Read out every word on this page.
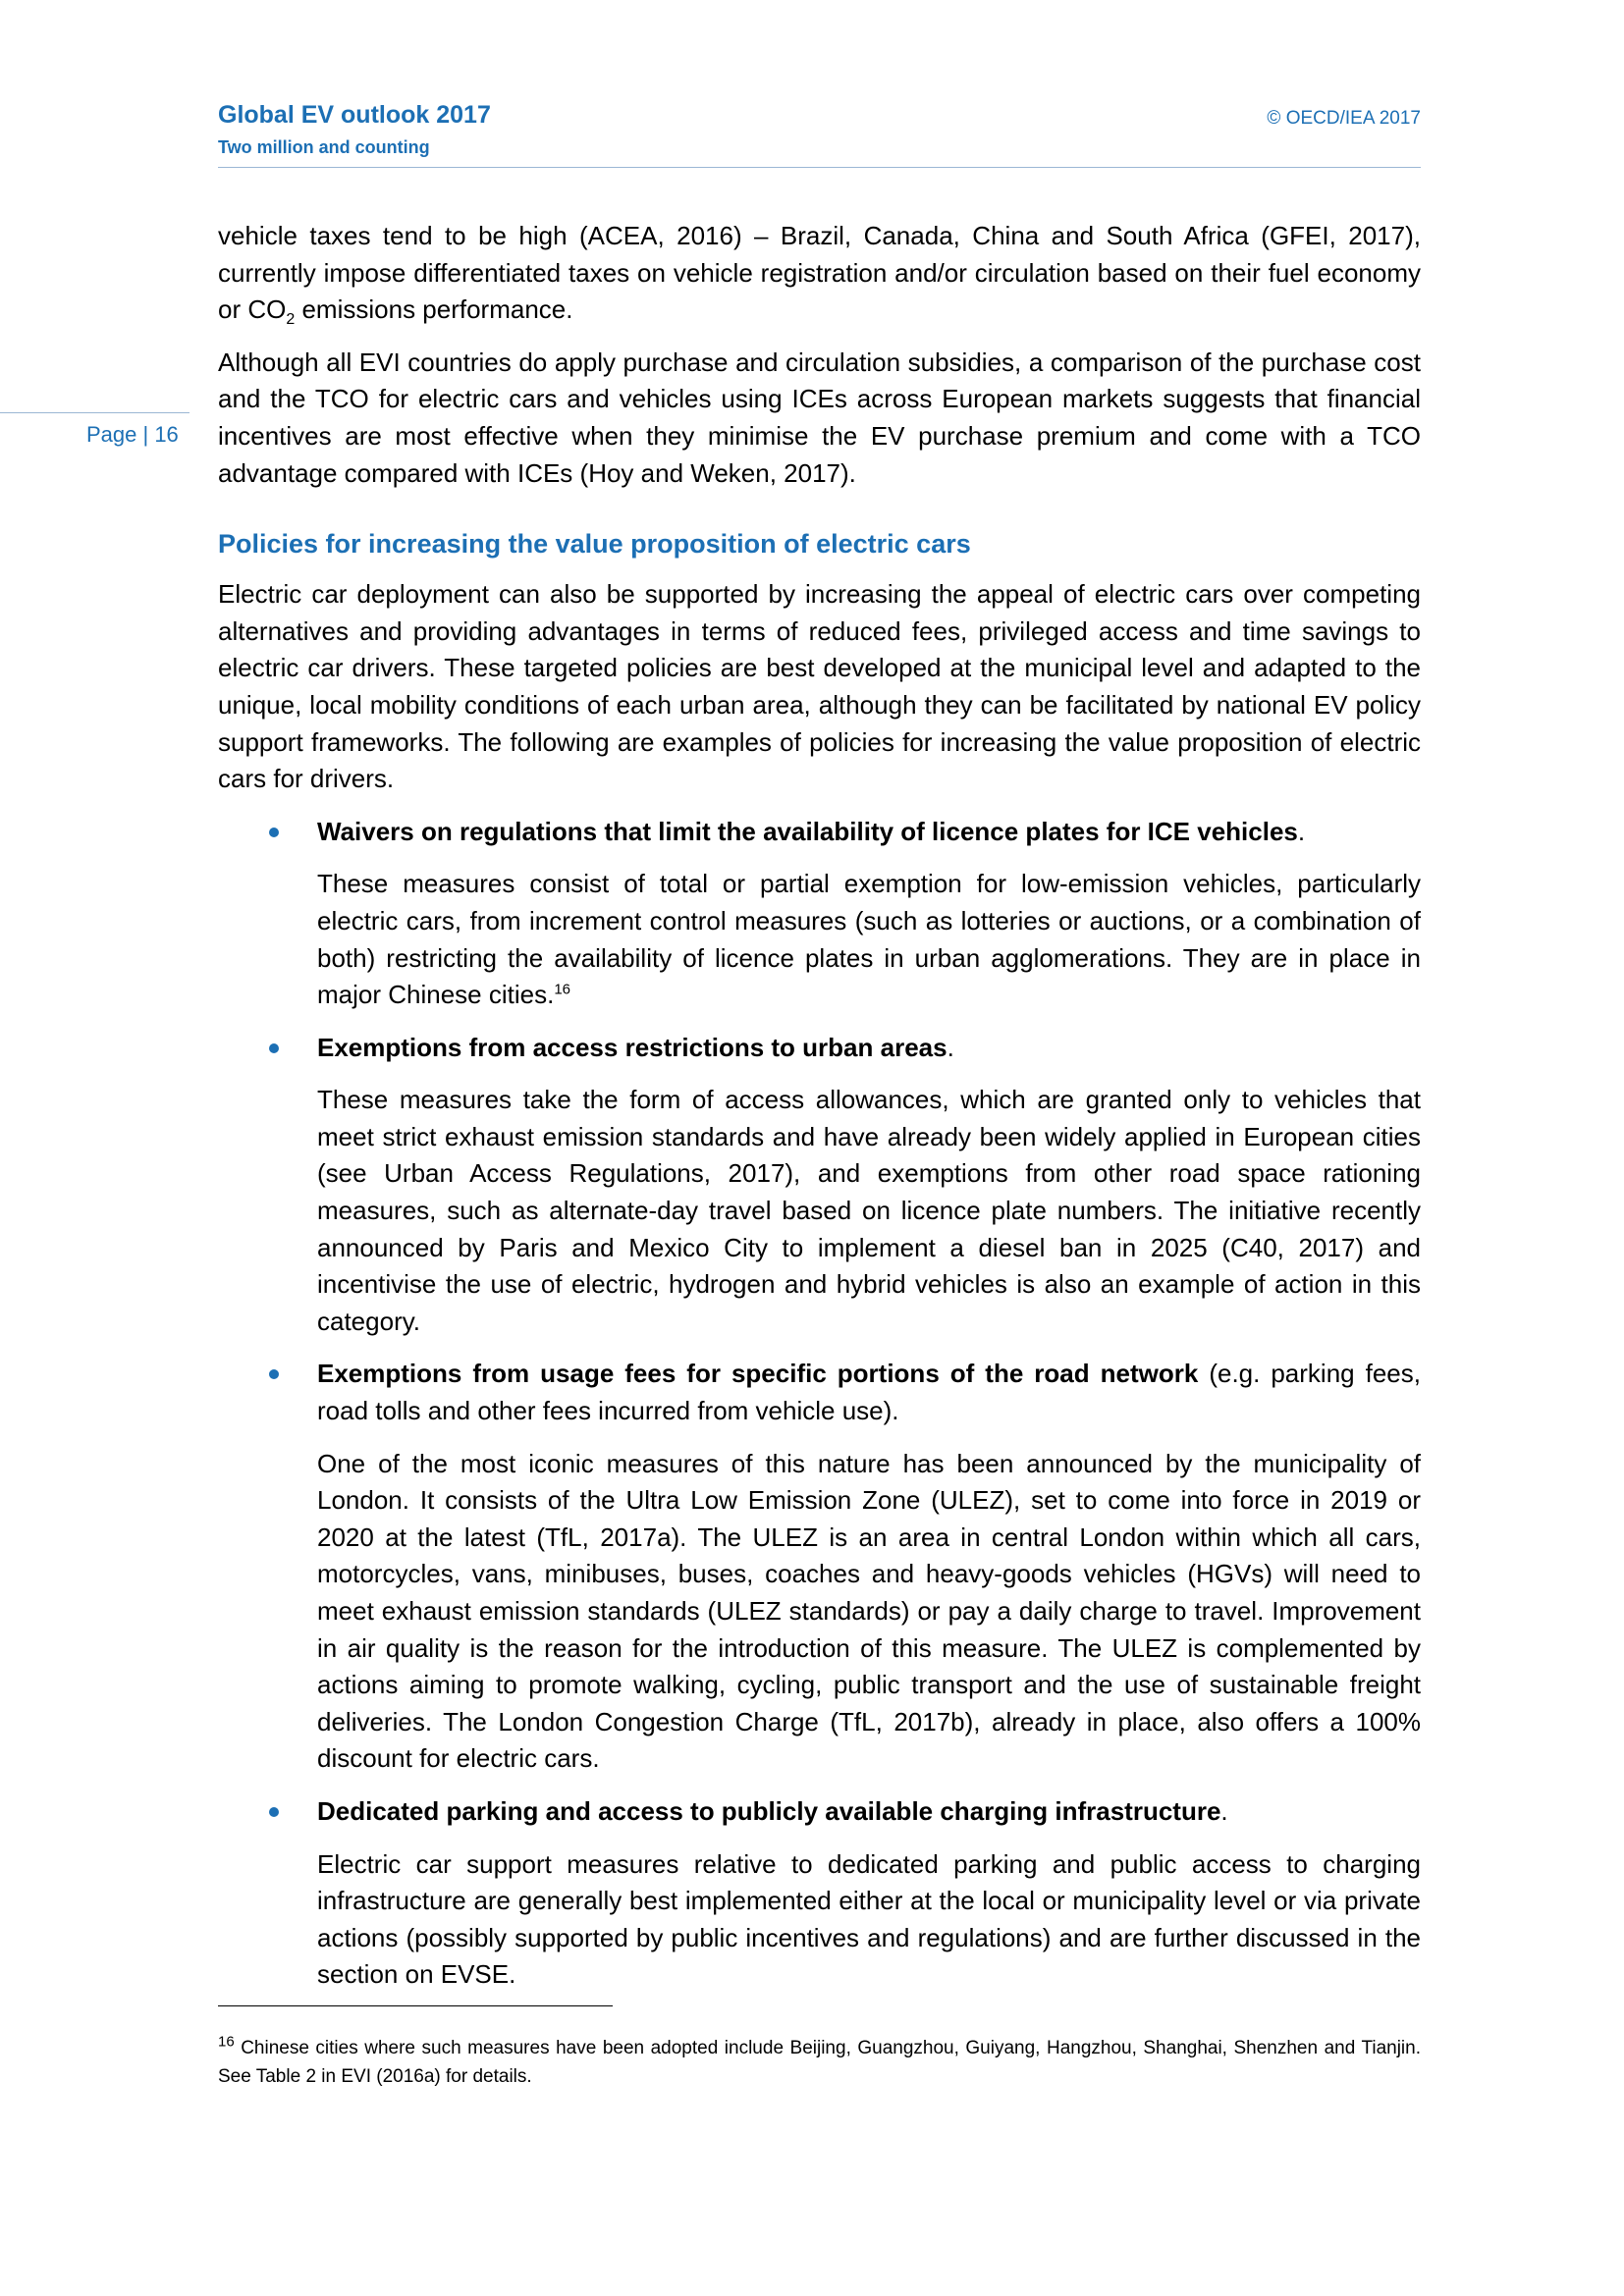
Global EV outlook 2017
Two million and counting
© OECD/IEA 2017
Page | 16

vehicle taxes tend to be high (ACEA, 2016) – Brazil, Canada, China and South Africa (GFEI, 2017), currently impose differentiated taxes on vehicle registration and/or circulation based on their fuel economy or $CO_2$ emissions performance.

Although all EVI countries do apply purchase and circulation subsidies, a comparison of the purchase cost and the TCO for electric cars and vehicles using ICEs across European markets suggests that financial incentives are most effective when they minimise the EV purchase premium and come with a TCO advantage compared with ICEs (Hoy and Weken, 2017).

Policies for increasing the value proposition of electric cars

Electric car deployment can also be supported by increasing the appeal of electric cars over competing alternatives and providing advantages in terms of reduced fees, privileged access and time savings to electric car drivers. These targeted policies are best developed at the municipal level and adapted to the unique, local mobility conditions of each urban area, although they can be facilitated by national EV policy support frameworks. The following are examples of policies for increasing the value proposition of electric cars for drivers.

Waivers on regulations that limit the availability of licence plates for ICE vehicles.

These measures consist of total or partial exemption for low-emission vehicles, particularly electric cars, from increment control measures (such as lotteries or auctions, or a combination of both) restricting the availability of licence plates in urban agglomerations. They are in place in major Chinese cities.$^{16}$

Exemptions from access restrictions to urban areas.

These measures take the form of access allowances, which are granted only to vehicles that meet strict exhaust emission standards and have already been widely applied in European cities (see Urban Access Regulations, 2017), and exemptions from other road space rationing measures, such as alternate-day travel based on licence plate numbers. The initiative recently announced by Paris and Mexico City to implement a diesel ban in 2025 (C40, 2017) and incentivise the use of electric, hydrogen and hybrid vehicles is also an example of action in this category.

Exemptions from usage fees for specific portions of the road network (e.g. parking fees, road tolls and other fees incurred from vehicle use).

One of the most iconic measures of this nature has been announced by the municipality of London. It consists of the Ultra Low Emission Zone (ULEZ), set to come into force in 2019 or 2020 at the latest (TfL, 2017a). The ULEZ is an area in central London within which all cars, motorcycles, vans, minibuses, buses, coaches and heavy-goods vehicles (HGVs) will need to meet exhaust emission standards (ULEZ standards) or pay a daily charge to travel. Improvement in air quality is the reason for the introduction of this measure. The ULEZ is complemented by actions aiming to promote walking, cycling, public transport and the use of sustainable freight deliveries. The London Congestion Charge (TfL, 2017b), already in place, also offers a 100% discount for electric cars.

Dedicated parking and access to publicly available charging infrastructure.

Electric car support measures relative to dedicated parking and public access to charging infrastructure are generally best implemented either at the local or municipality level or via private actions (possibly supported by public incentives and regulations) and are further discussed in the section on EVSE.

$^{16}$ Chinese cities where such measures have been adopted include Beijing, Guangzhou, Guiyang, Hangzhou, Shanghai, Shenzhen and Tianjin. See Table 2 in EVI (2016a) for details.
